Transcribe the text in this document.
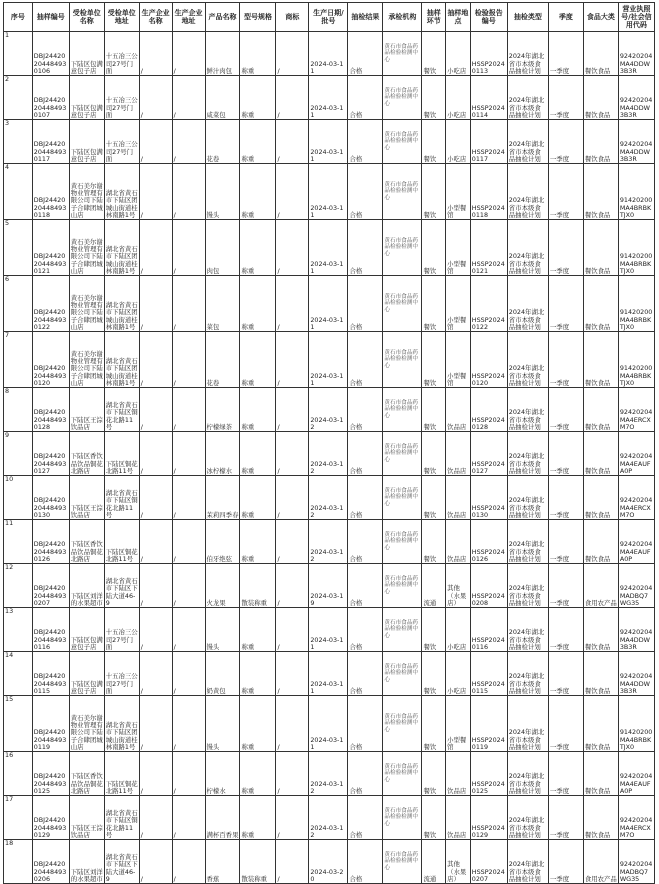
序号	抽样编号	受检单位名称	受检单位地址	生产企业名称	生产企业地址	产品名称	型号规格	商标	生产日期/批号	抽检结果	承检机构	抽样环节	抽样地点	检验报告编号	抽检类型	季度	食品大类	营业执照号/社会信用代码
1	DBJ24420204484930106	下陆区包满意包子店	十五冶三公司27号门面	/	/	鲜汁肉包	称重	/	2024-03-11	合格	黄石市食品药品检验检测中心	餐饮	小吃店	HSSP20240113	2024年湖北省市本级食品抽检计划	一季度	餐饮食品	92420204MA4DDW3B3R
2	DBJ24420204484930107	下陆区包满意包子店	十五冶三公司27号门面	/	/	咸菜包	称重	/	2024-03-11	合格	黄石市食品药品检验检测中心	餐饮	小吃店	HSSP20240114	2024年湖北省市本级食品抽检计划	一季度	餐饮食品	92420204MA4DDW3B3R
3	DBJ24420204484930117	下陆区包满意包子店	十五冶三公司27号门面	/	/	花卷	称重	/	2024-03-11	合格	黄石市食品药品检验检测中心	餐饮	小吃店	HSSP20240117	2024年湖北省市本级食品抽检计划	一季度	餐饮食品	92420204MA4DDW3B3R
4	DBJ24420204484930118	黄石美尔谢物业管理有限公司下陆子合肆团城山店	湖北省黄石市下陆区团城山街道桂林南路1号	/	/	馒头	称重	/	2024-03-11	合格	黄石市食品药品检验检测中心	餐饮	小型餐馆	HSSP20240118	2024年湖北省市本级食品抽检计划	一季度	餐饮食品	91420200MA4BRBKTJX0
5	DBJ24420204484930121	黄石美尔谢物业管理有限公司下陆子合肆团城山店	湖北省黄石市下陆区团城山街道桂林南路1号	/	/	肉包	称重	/	2024-03-11	合格	黄石市食品药品检验检测中心	餐饮	小型餐馆	HSSP20240121	2024年湖北省市本级食品抽检计划	一季度	餐饮食品	91420200MA4BRBKTJX0
6	DBJ24420204484930122	黄石美尔谢物业管理有限公司下陆子合肆团城山店	湖北省黄石市下陆区团城山街道桂林南路1号	/	/	菜包	称重	/	2024-03-11	合格	黄石市食品药品检验检测中心	餐饮	小型餐馆	HSSP20240122	2024年湖北省市本级食品抽检计划	一季度	餐饮食品	91420200MA4BRBKTJX0
7	DBJ24420204484930120	黄石美尔谢物业管理有限公司下陆子合肆团城山店	湖北省黄石市下陆区团城山街道桂林南路1号	/	/	花卷	称重	/	2024-03-11	合格	黄石市食品药品检验检测中心	餐饮	小型餐馆	HSSP20240120	2024年湖北省市本级食品抽检计划	一季度	餐饮食品	91420200MA4BRBKTJX0
8	DBJ24420204484930128	下陆区王淙饮品店	湖北省黄石市下陆区铜花北路11号	/	/	柠檬绿茶	称重	/	2024-03-12	合格	黄石市食品药品检验检测中心	餐饮	饮品店	HSSP20240128	2024年湖北省市本级食品抽检计划	一季度	餐饮食品	92420204MA4ERCXM7O
9	DBJ24420204484930127	下陆区香饮品饮品铜花北路店	下陆区铜花北路11号	/	/	冰柠檬水	称重	/	2024-03-12	合格	黄石市食品药品检验检测中心	餐饮	饮品店	HSSP20240127	2024年湖北省市本级食品抽检计划	一季度	餐饮食品	92420204MA4EAUFA0P
10	DBJ24420204484930130	下陆区王淙饮品店	湖北省黄石市下陆区铜花北路11号	/	/	茉莉四季春	称重	/	2024-03-12	合格	黄石市食品药品检验检测中心	餐饮	饮品店	HSSP20240130	2024年湖北省市本级食品抽检计划	一季度	餐饮食品	92420204MA4ERCXM7O
11	DBJ24420204484930126	下陆区香饮品饮品铜花北路店	下陆区铜花北路11号	/	/	伯牙绝弦	称重	/	2024-03-12	合格	黄石市食品药品检验检测中心	餐饮	饮品店	HSSP20240126	2024年湖北省市本级食品抽检计划	一季度	餐饮食品	92420204MA4EAUFA0P
12	DBJ24420204484930207	下陆区刘洋的水果超市	湖北省黄石市下陆区下陆大道46-9	/	/	火龙果	散装称重	/	2024-03-19	合格	黄石市食品药品检验检测中心	流通	其他（水果店）	HSSP20240208	2024年湖北省市本级食品抽检计划	一季度	食用农产品	92420204MADBQ7WG35
13	DBJ24420204484930116	下陆区包满意包子店	十五冶三公司27号门面	/	/	馒头	称重	/	2024-03-11	合格	黄石市食品药品检验检测中心	餐饮	小吃店	HSSP20240116	2024年湖北省市本级食品抽检计划	一季度	餐饮食品	92420204MA4DDW3B3R
14	DBJ24420204484930115	下陆区包满意包子店	十五冶三公司27号门面	/	/	奶黄包	称重	/	2024-03-11	合格	黄石市食品药品检验检测中心	餐饮	小吃店	HSSP20240115	2024年湖北省市本级食品抽检计划	一季度	餐饮食品	92420204MA4DDW3B3R
15	DBJ24420204484930119	黄石美尔谢物业管理有限公司下陆子合肆团城山店	湖北省黄石市下陆区团城山街道桂林南路1号	/	/	馒头	称重	/	2024-03-11	合格	黄石市食品药品检验检测中心	餐饮	小型餐馆	HSSP20240119	2024年湖北省市本级食品抽检计划	一季度	餐饮食品	91420200MA4BRBKTJX0
16	DBJ24420204484930125	下陆区香饮品饮品铜花北路店	下陆区铜花北路11号	/	/	柠檬水	称重	/	2024-03-12	合格	黄石市食品药品检验检测中心	餐饮	饮品店	HSSP20240125	2024年湖北省市本级食品抽检计划	一季度	餐饮食品	92420204MA4EAUFA0P
17	DBJ24420204484930129	下陆区王淙饮品店	湖北省黄石市下陆区铜花北路11号	/	/	满杯百香果	称重	/	2024-03-12	合格	黄石市食品药品检验检测中心	餐饮	饮品店	HSSP20240129	2024年湖北省市本级食品抽检计划	一季度	餐饮食品	92420204MA4ERCXM7O
18	DBJ24420204484930206	下陆区刘洋的水果超市	湖北省黄石市下陆区下陆大道46-9	/	/	香蕉	散装称重	/	2024-03-20	合格	黄石市食品药品检验检测中心	流通	其他（水果店）	HSSP20240207	2024年湖北省市本级食品抽检计划	一季度	食用农产品	92420204MADBQ7WG35
